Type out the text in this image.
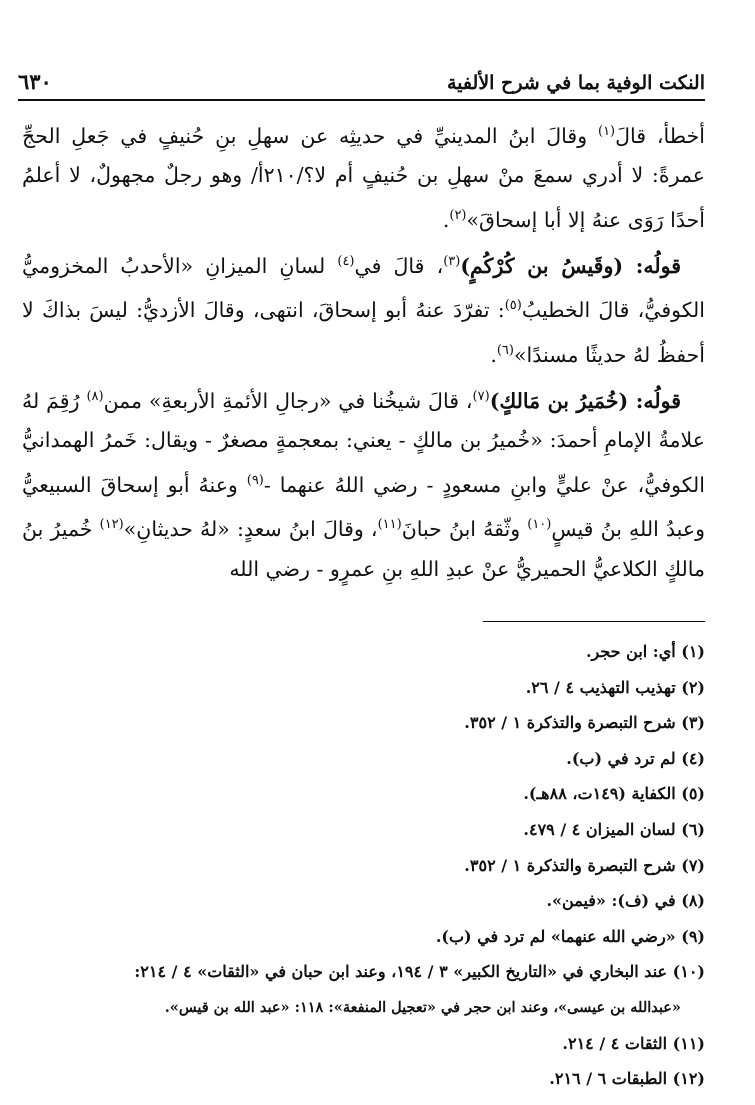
النكت الوفية بما في شرح الألفية
٦٣٠

أخطأ، قالَ$^{(١)}$ وقالَ ابنُ المدينيِّ في حديثِه عن سهلِ بنِ حُنيفٍ في جَعلِ الحجِّ عمرةً: لا أدري سمعَ منْ سهلِ بن حُنيفٍ أم لا؟/٢١٠أ/ وهو رجلٌ مجهولٌ، لا أعلمُ أحدًا رَوَى عنهُ إلا أبا إسحاقَ»$^{(٢)}$.

قولُه: (وقَيسُ بن كُرْكُمٍ)$^{(٣)}$، قالَ في$^{(٤)}$ لسانِ الميزانِ «الأحدبُ المخزوميُّ الكوفيُّ، قالَ الخطيبُ$^{(٥)}$: تفرّدَ عنهُ أبو إسحاقَ، انتهى، وقالَ الأزديُّ: ليسَ بذاكَ لا أحفظُ لهُ حديثًا مسندًا»$^{(٦)}$.

قولُه: (خُمَيرُ بن مَالكٍ)$^{(٧)}$، قالَ شيخُنا في «رجالِ الأئمةِ الأربعةِ» ممن$^{(٨)}$ رُقِمَ لهُ علامةُ الإمامِ أحمدَ: «خُميرُ بن مالكٍ - يعني: بمعجمةٍ مصغرٌ - ويقال: خَمرُ الهمدانيُّ الكوفيُّ، عنْ عليٍّ وابنِ مسعودٍ - رضي اللهُ عنهما -$^{(٩)}$ وعنهُ أبو إسحاقَ السبيعيُّ وعبدُ اللهِ بنُ قيسٍ$^{(١٠)}$ وثّقهُ ابنُ حبانَ$^{(١١)}$، وقالَ ابنُ سعدٍ: «لهُ حديثانِ»$^{(١٢)}$ خُميرُ بنُ مالكٍ الكلاعيُّ الحميريُّ عنْ عبدِ اللهِ بنِ عمرٍو - رضي الله

(١) أي: ابن حجر.
(٢) تهذيب التهذيب ٤ / ٢٦.
(٣) شرح التبصرة والتذكرة ١ / ٣٥٢.
(٤) لم ترد في (ب).
(٥) الكفاية (١٤٩ت، ٨٨هـ).
(٦) لسان الميزان ٤ / ٤٧٩.
(٧) شرح التبصرة والتذكرة ١ / ٣٥٢.
(٨) في (ف): «فيمن».
(٩) «رضي الله عنهما» لم ترد في (ب).
(١٠) عند البخاري في «التاريخ الكبير» ٣ / ١٩٤، وعند ابن حبان في «الثقات» ٤ / ٢١٤:
«عبدالله بن عيسى»، وعند ابن حجر في «تعجيل المنفعة»: ١١٨: «عبد الله بن قيس».
(١١) الثقات ٤ / ٢١٤.
(١٢) الطبقات ٦ / ٢١٦.
